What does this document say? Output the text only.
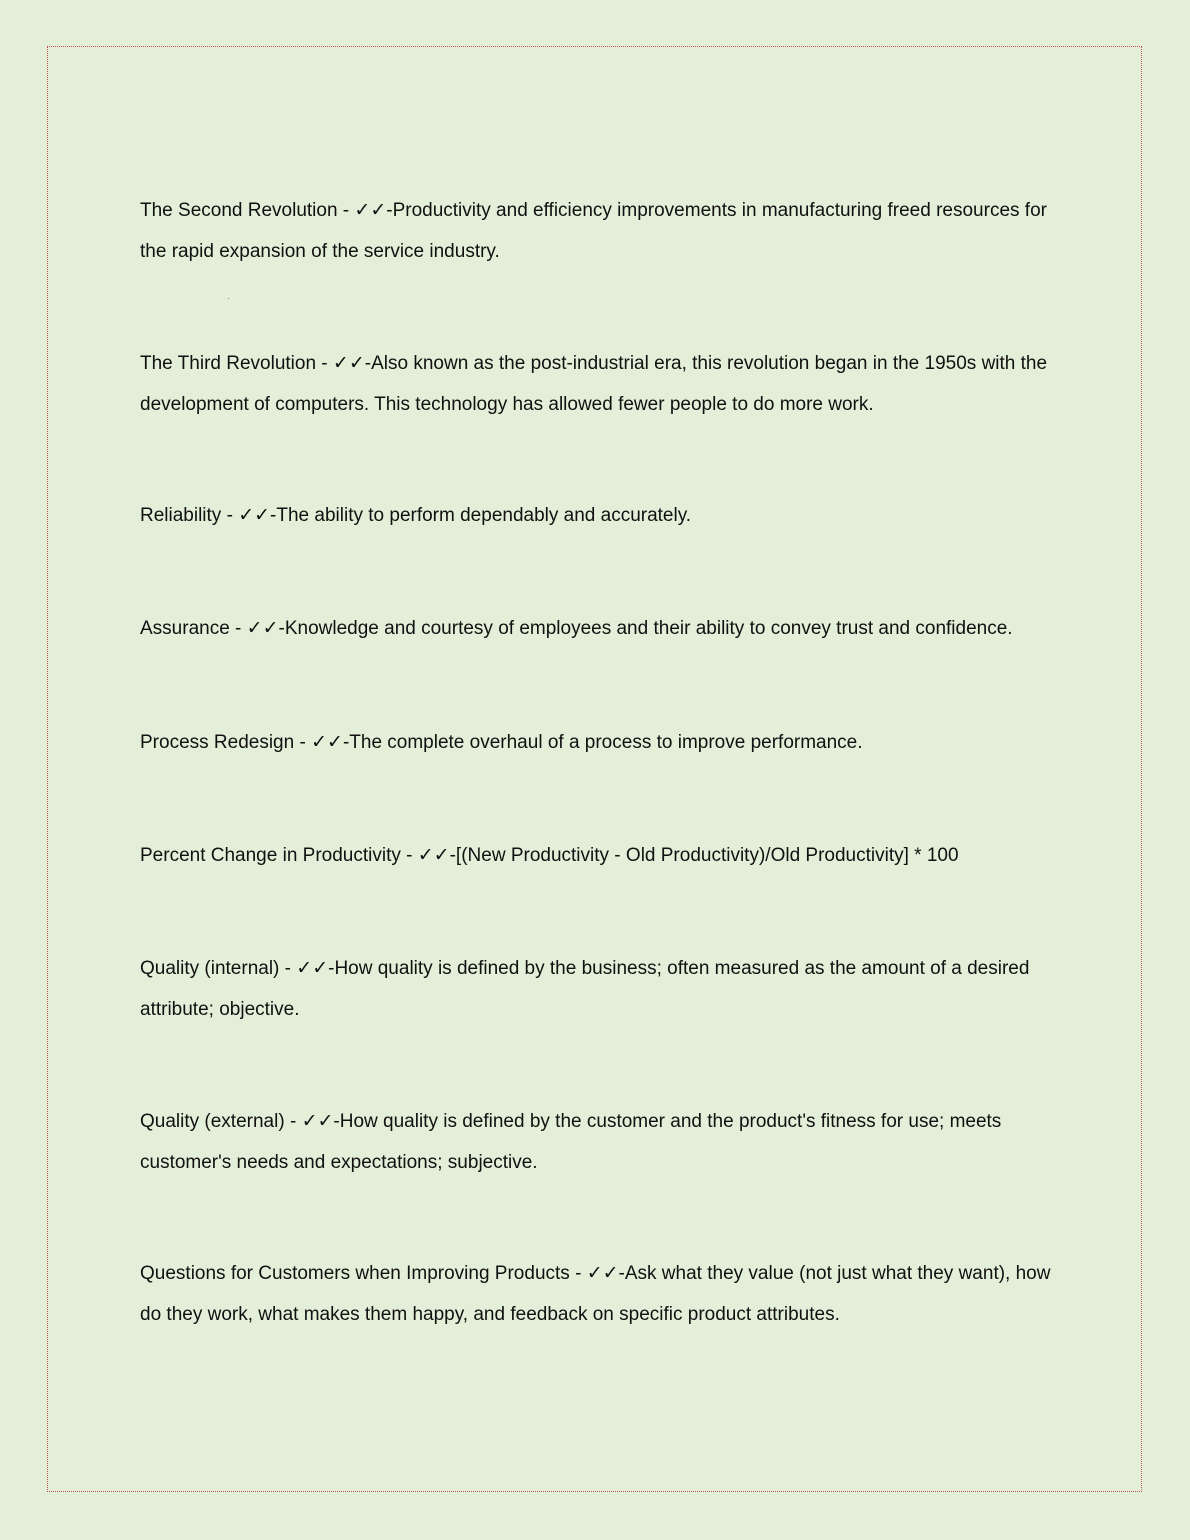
The Second Revolution - ✓✓-Productivity and efficiency improvements in manufacturing freed resources for the rapid expansion of the service industry.

The Third Revolution - ✓✓-Also known as the post-industrial era, this revolution began in the 1950s with the development of computers. This technology has allowed fewer people to do more work.

Reliability - ✓✓-The ability to perform dependably and accurately.

Assurance - ✓✓-Knowledge and courtesy of employees and their ability to convey trust and confidence.

Process Redesign - ✓✓-The complete overhaul of a process to improve performance.

Percent Change in Productivity - ✓✓-[(New Productivity - Old Productivity)/Old Productivity] * 100

Quality (internal) - ✓✓-How quality is defined by the business; often measured as the amount of a desired attribute; objective.

Quality (external) - ✓✓-How quality is defined by the customer and the product's fitness for use; meets customer's needs and expectations; subjective.

Questions for Customers when Improving Products - ✓✓-Ask what they value (not just what they want), how do they work, what makes them happy, and feedback on specific product attributes.
